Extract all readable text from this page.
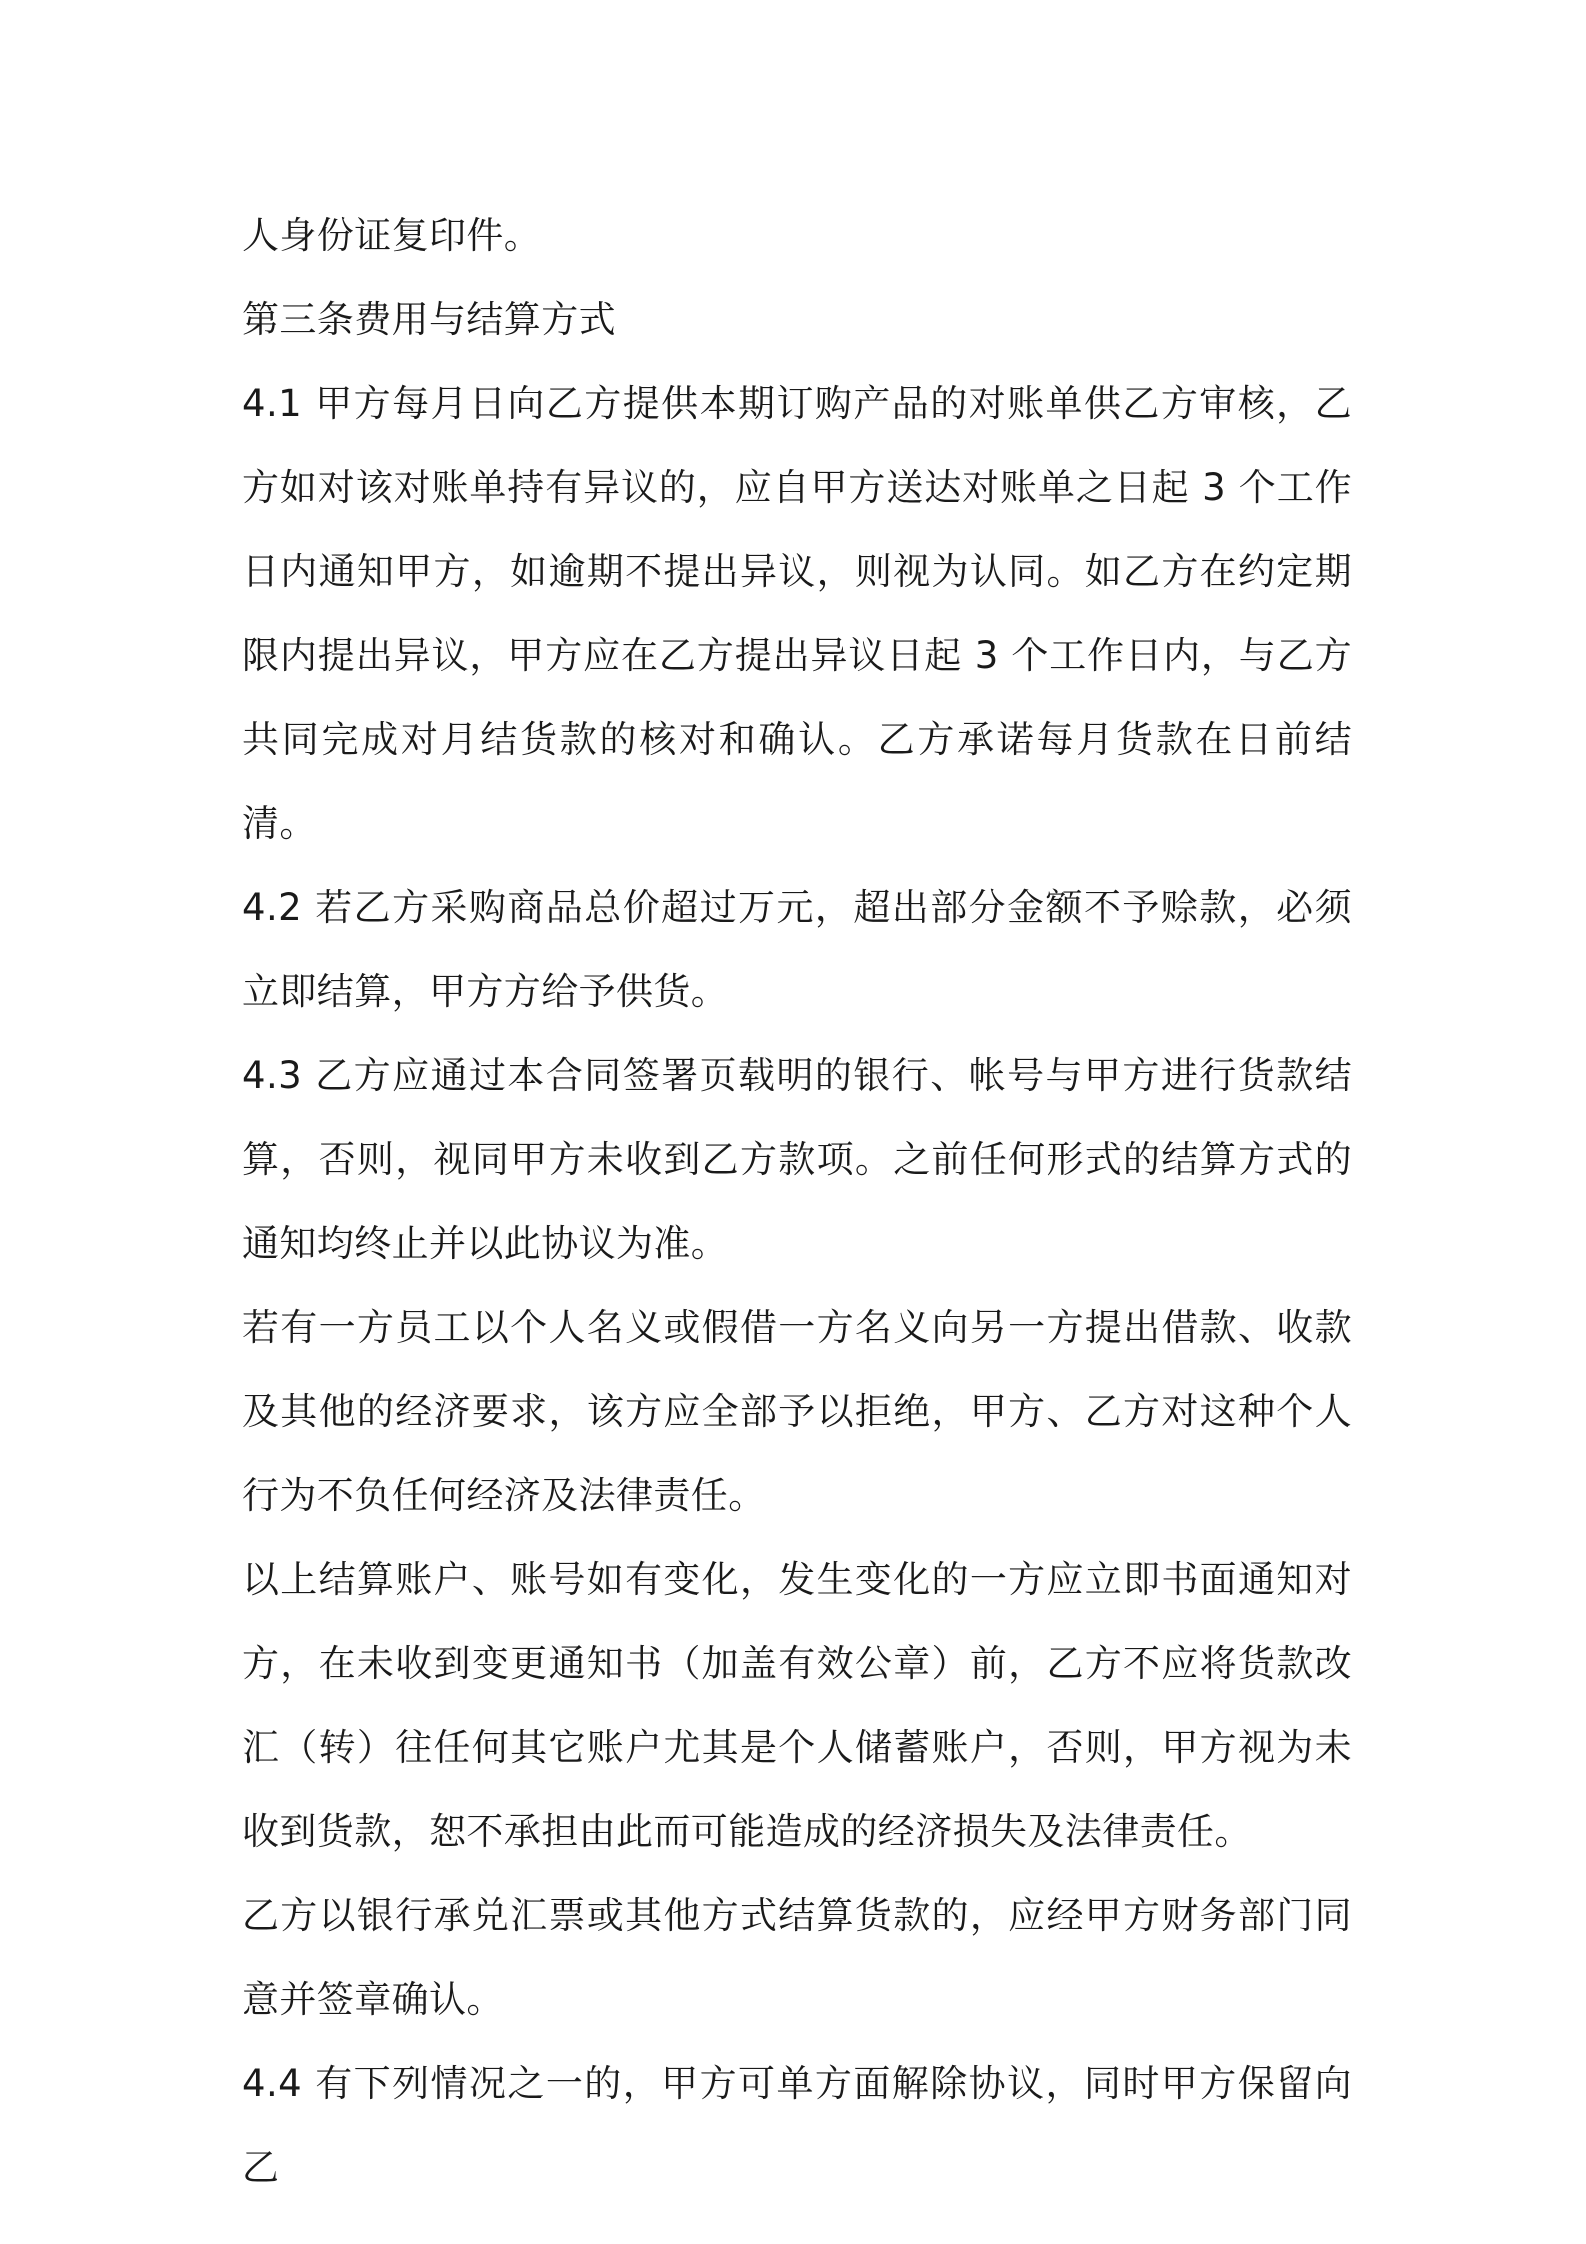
人身份证复印件。

第三条费用与结算方式

4.1 甲方每月日向乙方提供本期订购产品的对账单供乙方审核，乙方如对该对账单持有异议的，应自甲方送达对账单之日起 3 个工作日内通知甲方，如逾期不提出异议，则视为认同。如乙方在约定期限内提出异议，甲方应在乙方提出异议日起 3 个工作日内，与乙方共同完成对月结货款的核对和确认。乙方承诺每月货款在日前结清。

4.2 若乙方采购商品总价超过万元，超出部分金额不予赊款，必须立即结算，甲方方给予供货。

4.3 乙方应通过本合同签署页载明的银行、帐号与甲方进行货款结算，否则，视同甲方未收到乙方款项。之前任何形式的结算方式的通知均终止并以此协议为准。

若有一方员工以个人名义或假借一方名义向另一方提出借款、收款及其他的经济要求，该方应全部予以拒绝，甲方、乙方对这种个人行为不负任何经济及法律责任。

以上结算账户、账号如有变化，发生变化的一方应立即书面通知对方，在未收到变更通知书（加盖有效公章）前，乙方不应将货款改汇（转）往任何其它账户尤其是个人储蓄账户，否则，甲方视为未收到货款，恕不承担由此而可能造成的经济损失及法律责任。

乙方以银行承兑汇票或其他方式结算货款的，应经甲方财务部门同意并签章确认。

4.4 有下列情况之一的，甲方可单方面解除协议，同时甲方保留向乙
